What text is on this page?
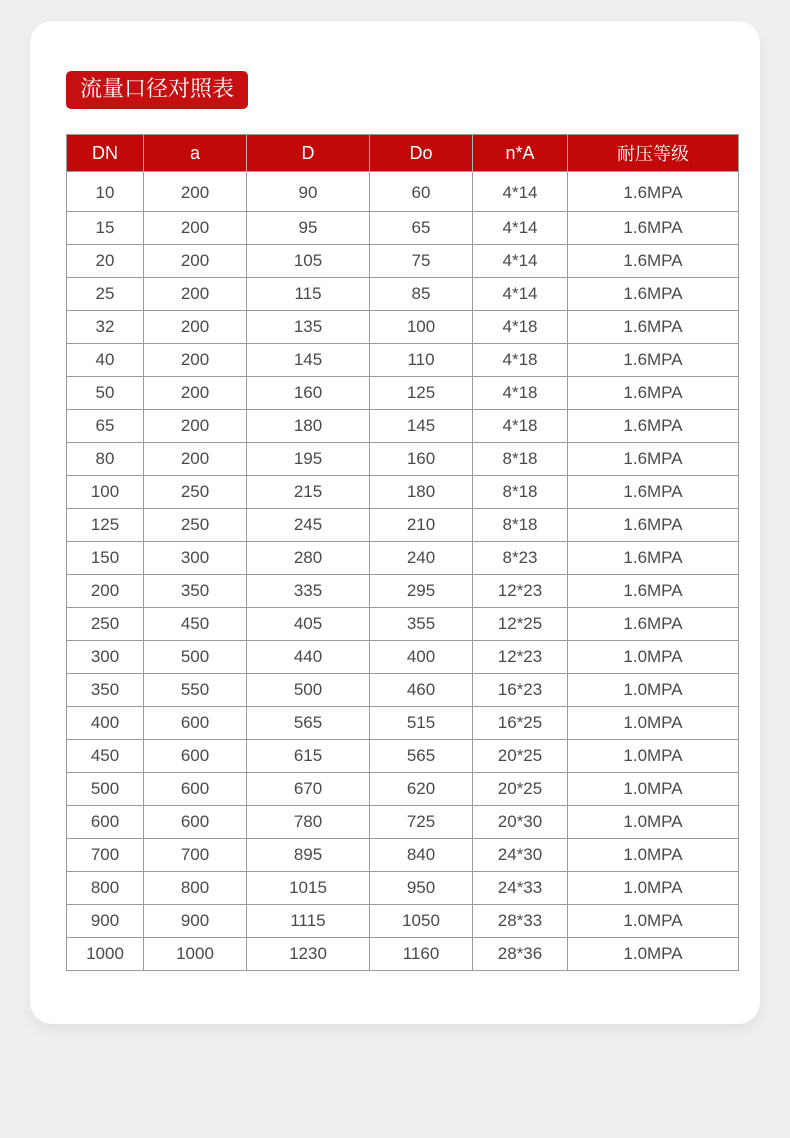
流量口径对照表
DN	a	D	Do	n*A	耐压等级
10	200	90	60	4*14	1.6MPA
15	200	95	65	4*14	1.6MPA
20	200	105	75	4*14	1.6MPA
25	200	115	85	4*14	1.6MPA
32	200	135	100	4*18	1.6MPA
40	200	145	110	4*18	1.6MPA
50	200	160	125	4*18	1.6MPA
65	200	180	145	4*18	1.6MPA
80	200	195	160	8*18	1.6MPA
100	250	215	180	8*18	1.6MPA
125	250	245	210	8*18	1.6MPA
150	300	280	240	8*23	1.6MPA
200	350	335	295	12*23	1.6MPA
250	450	405	355	12*25	1.6MPA
300	500	440	400	12*23	1.0MPA
350	550	500	460	16*23	1.0MPA
400	600	565	515	16*25	1.0MPA
450	600	615	565	20*25	1.0MPA
500	600	670	620	20*25	1.0MPA
600	600	780	725	20*30	1.0MPA
700	700	895	840	24*30	1.0MPA
800	800	1015	950	24*33	1.0MPA
900	900	1115	1050	28*33	1.0MPA
1000	1000	1230	1160	28*36	1.0MPA
